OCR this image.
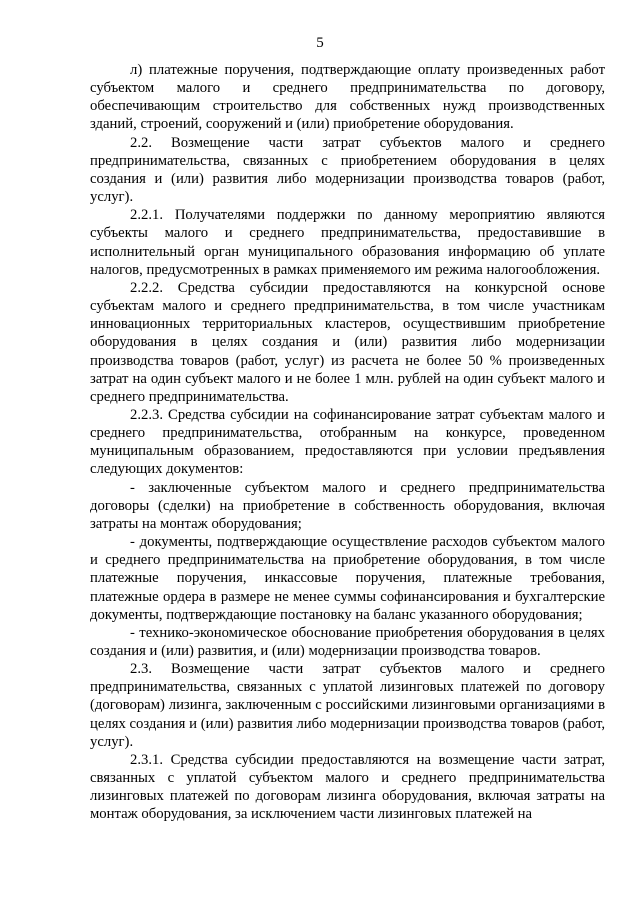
5

л) платежные поручения, подтверждающие оплату произведенных работ субъектом малого и среднего предпринимательства по договору, обеспечивающим строительство для собственных нужд производственных зданий, строений, сооружений и (или) приобретение оборудования.

2.2. Возмещение части затрат субъектов малого и среднего предпринимательства, связанных с приобретением оборудования в целях создания и (или) развития либо модернизации производства товаров (работ, услуг).

2.2.1. Получателями поддержки по данному мероприятию являются субъекты малого и среднего предпринимательства, предоставившие в исполнительный орган муниципального образования информацию об уплате налогов, предусмотренных в рамках применяемого им режима налогообложения.

2.2.2. Средства субсидии предоставляются на конкурсной основе субъектам малого и среднего предпринимательства, в том числе участникам инновационных территориальных кластеров, осуществившим приобретение оборудования в целях создания и (или) развития либо модернизации производства товаров (работ, услуг) из расчета не более 50 % произведенных затрат на один субъект малого и не более 1 млн. рублей на один субъект малого и среднего предпринимательства.

2.2.3. Средства субсидии на софинансирование затрат субъектам малого и среднего предпринимательства, отобранным на конкурсе, проведенном муниципальным образованием, предоставляются при условии предъявления следующих документов:

- заключенные субъектом малого и среднего предпринимательства договоры (сделки) на приобретение в собственность оборудования, включая затраты на монтаж оборудования;

- документы, подтверждающие осуществление расходов субъектом малого и среднего предпринимательства на приобретение оборудования, в том числе платежные поручения, инкассовые поручения, платежные требования, платежные ордера в размере не менее суммы софинансирования и бухгалтерские документы, подтверждающие постановку на баланс указанного оборудования;

- технико-экономическое обоснование приобретения оборудования в целях создания и (или) развития, и (или) модернизации производства товаров.

2.3. Возмещение части затрат субъектов малого и среднего предпринимательства, связанных с уплатой лизинговых платежей по договору (договорам) лизинга, заключенным с российскими лизинговыми организациями в целях создания и (или) развития либо модернизации производства товаров (работ, услуг).

2.3.1. Средства субсидии предоставляются на возмещение части затрат, связанных с уплатой субъектом малого и среднего предпринимательства лизинговых платежей по договорам лизинга оборудования, включая затраты на монтаж оборудования, за исключением части лизинговых платежей на
